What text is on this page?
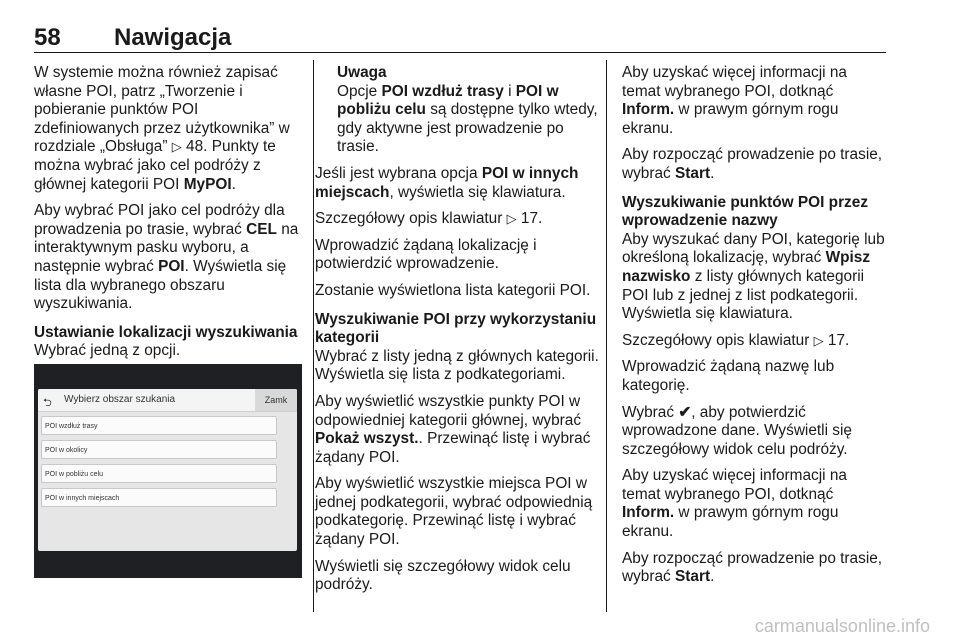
58 Nawigacja

W systemie można również zapisać własne POI, patrz „Tworzenie i pobieranie punktów POI zdefiniowanych przez użytkownika” w rozdziale „Obsługa” ▷ 48. Punkty te można wybrać jako cel podróży z głównej kategorii POI MyPOI.

Aby wybrać POI jako cel podróży dla prowadzenia po trasie, wybrać CEL na interaktywnym pasku wyboru, a następnie wybrać POI. Wyświetla się lista dla wybranego obszaru wyszukiwania.

Ustawianie lokalizacji wyszukiwania

Wybrać jedną z opcji.

⮌ Wybierz obszar szukania	Zamk
POI wzdłuż trasy
POI w okolicy
POI w pobliżu celu
POI w innych miejscach
Uwaga

Opcje POI wzdłuż trasy i POI w pobliżu celu są dostępne tylko wtedy, gdy aktywne jest prowadzenie po trasie.

Jeśli jest wybrana opcja POI w innych miejscach, wyświetla się klawiatura.

Szczegółowy opis klawiatur ▷ 17.

Wprowadzić żądaną lokalizację i potwierdzić wprowadzenie.

Zostanie wyświetlona lista kategorii POI.

Wyszukiwanie POI przy wykorzystaniu kategorii

Wybrać z listy jedną z głównych kategorii. Wyświetla się lista z podkategoriami.

Aby wyświetlić wszystkie punkty POI w odpowiedniej kategorii głównej, wybrać Pokaż wszyst.. Przewinąć listę i wybrać żądany POI.

Aby wyświetlić wszystkie miejsca POI w jednej podkategorii, wybrać odpowiednią podkategorię. Przewinąć listę i wybrać żądany POI.

Wyświetli się szczegółowy widok celu podróży.

Aby uzyskać więcej informacji na temat wybranego POI, dotknąć Inform. w prawym górnym rogu ekranu.

Aby rozpocząć prowadzenie po trasie, wybrać Start.

Wyszukiwanie punktów POI przez wprowadzenie nazwy

Aby wyszukać dany POI, kategorię lub określoną lokalizację, wybrać Wpisz nazwisko z listy głównych kategorii POI lub z jednej z list podkategorii. Wyświetla się klawiatura.

Szczegółowy opis klawiatur ▷ 17.

Wprowadzić żądaną nazwę lub kategorię.

Wybrać ✔, aby potwierdzić wprowadzone dane. Wyświetli się szczegółowy widok celu podróży.

Aby uzyskać więcej informacji na temat wybranego POI, dotknąć Inform. w prawym górnym rogu ekranu.

Aby rozpocząć prowadzenie po trasie, wybrać Start.

carmanualsonline.info
